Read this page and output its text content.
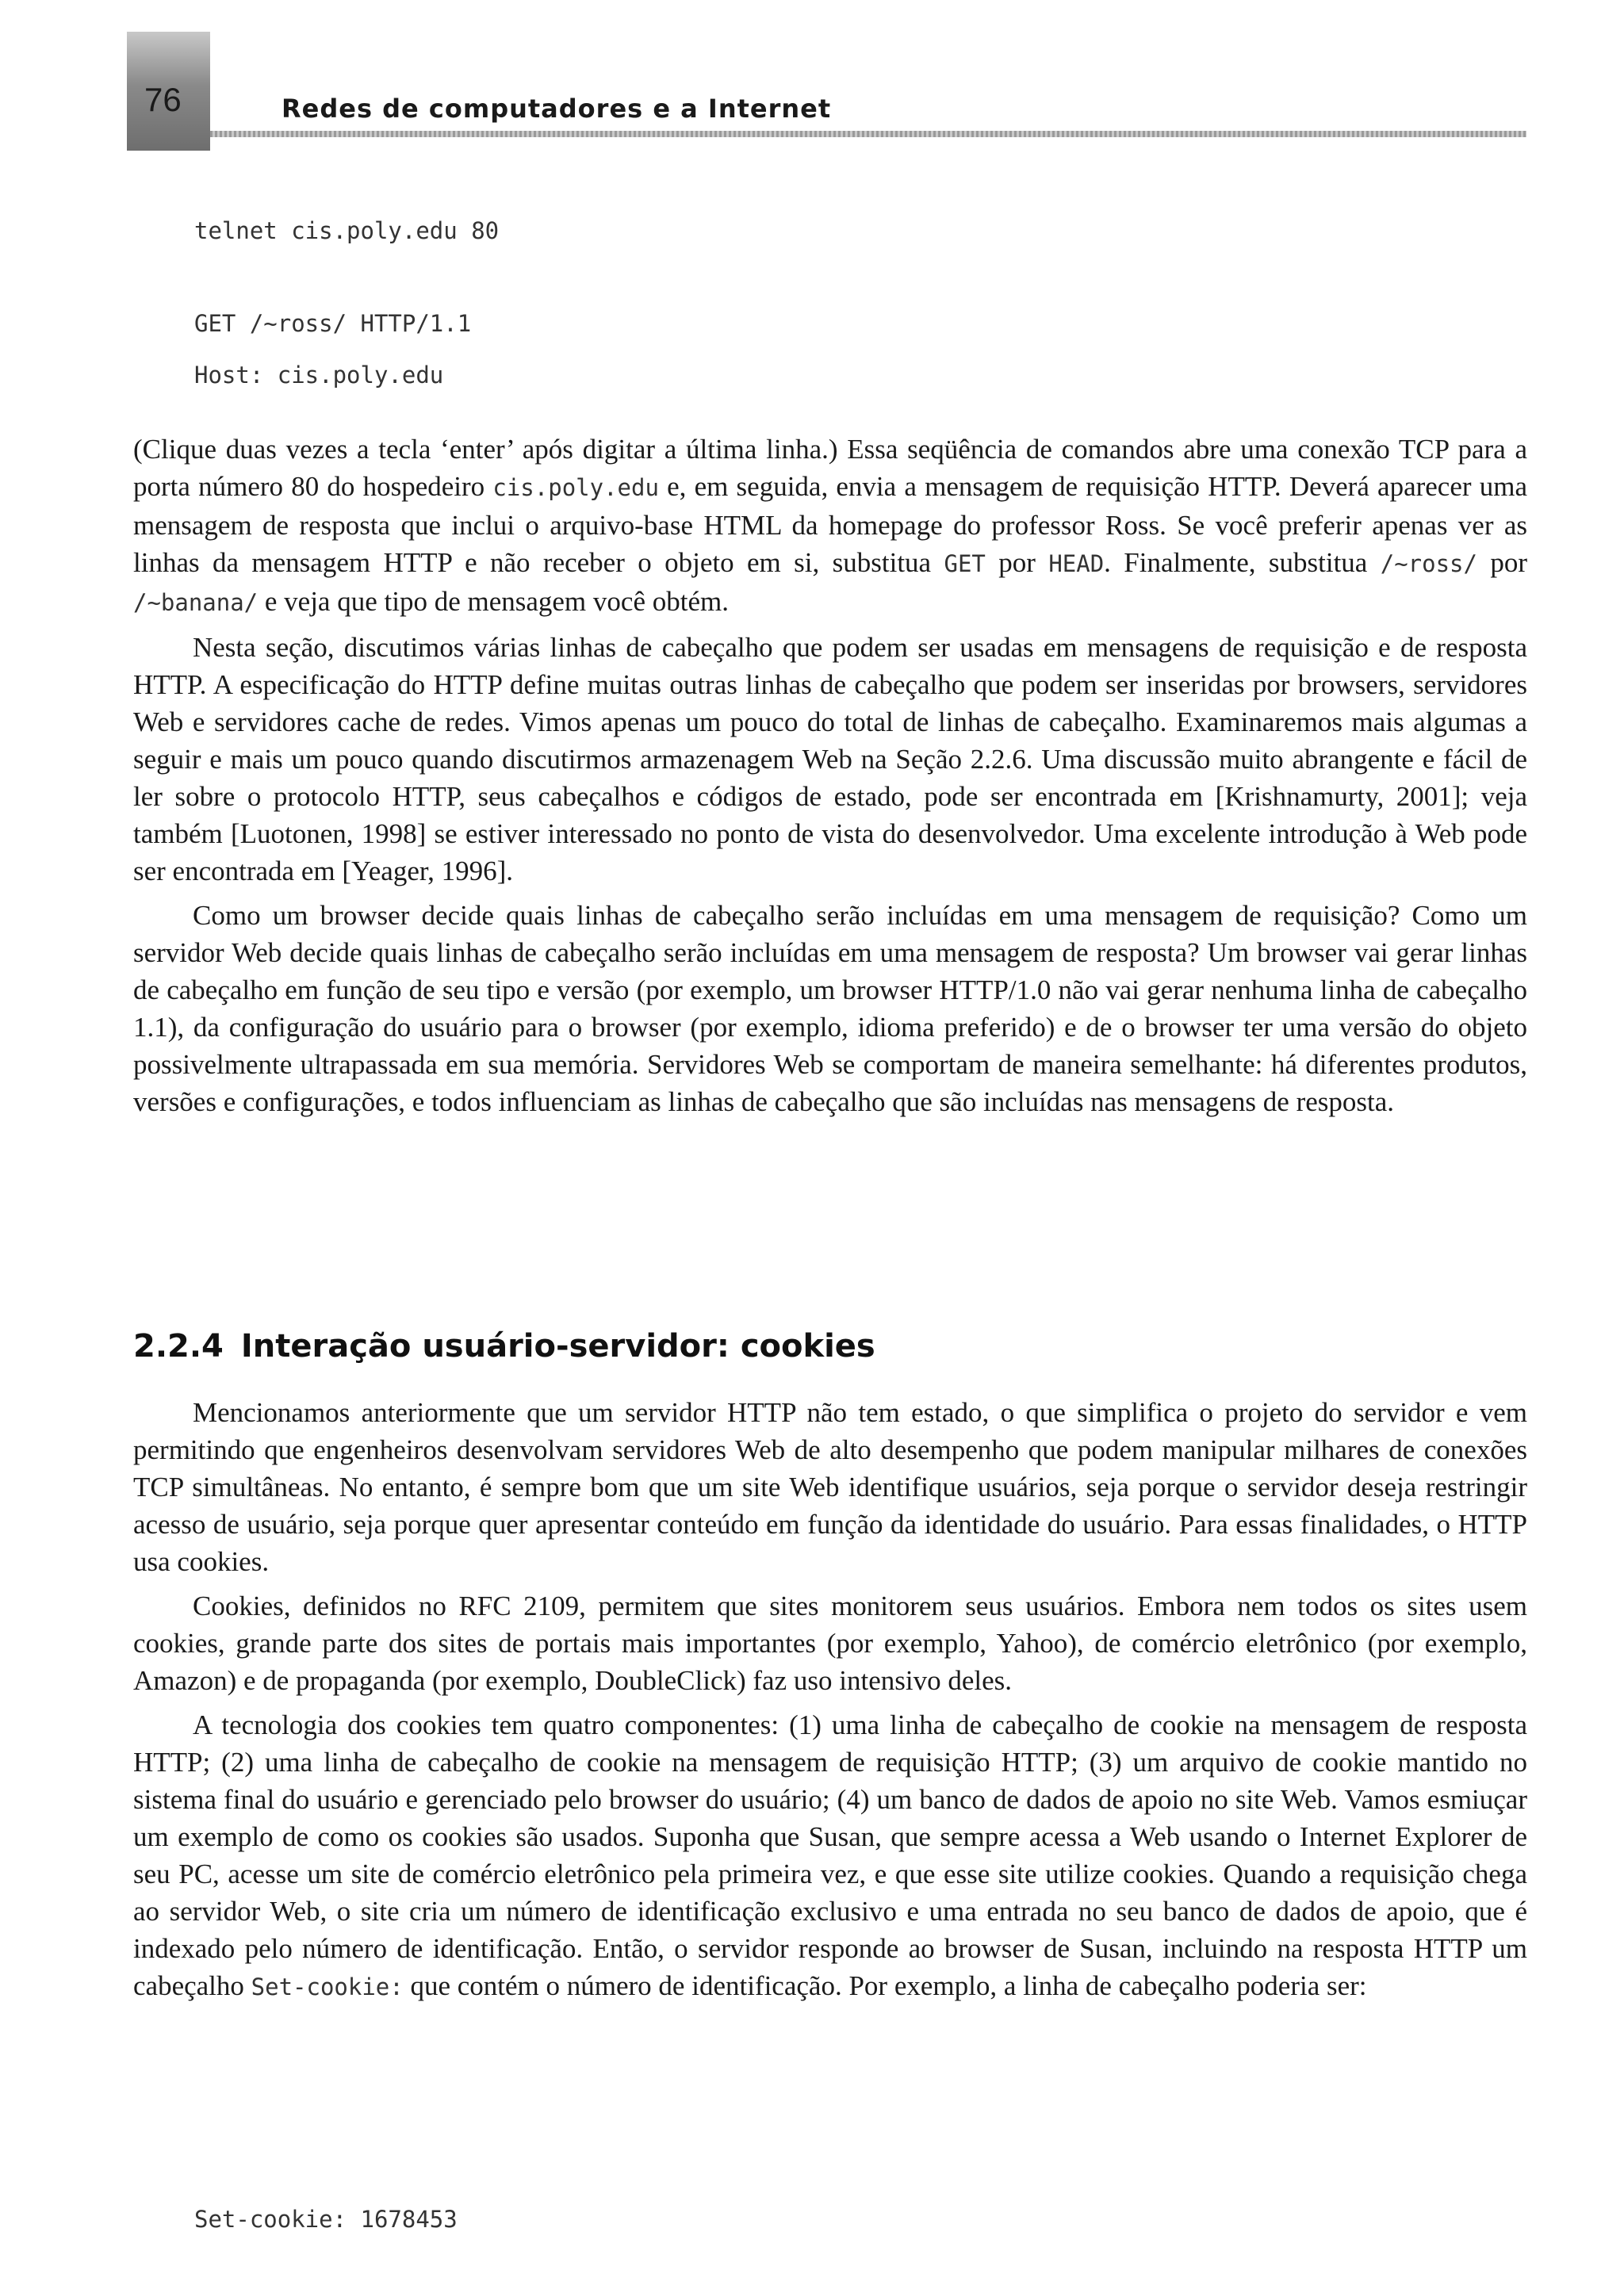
76	Redes de computadores e a Internet
telnet cis.poly.edu 80
GET /~ross/ HTTP/1.1
Host: cis.poly.edu

(Clique duas vezes a tecla ‘enter’ após digitar a última linha.) Essa seqüência de comandos abre uma conexão TCP para a porta número 80 do hospedeiro cis.poly.edu e, em seguida, envia a mensagem de requisição HTTP. Deverá aparecer uma mensagem de resposta que inclui o arquivo-base HTML da homepage do professor Ross. Se você preferir apenas ver as linhas da mensagem HTTP e não receber o objeto em si, substitua GET por HEAD. Finalmente, substitua /~ross/ por /~banana/ e veja que tipo de mensagem você obtém.

Nesta seção, discutimos várias linhas de cabeçalho que podem ser usadas em mensagens de requisição e de resposta HTTP. A especificação do HTTP define muitas outras linhas de cabeçalho que podem ser inseridas por browsers, servidores Web e servidores cache de redes. Vimos apenas um pouco do total de linhas de cabeçalho. Examinaremos mais algumas a seguir e mais um pouco quando discutirmos armazenagem Web na Seção 2.2.6. Uma discussão muito abrangente e fácil de ler sobre o protocolo HTTP, seus cabeçalhos e códigos de estado, pode ser encontrada em [Krishnamurty, 2001]; veja também [Luotonen, 1998] se estiver interessado no ponto de vista do desenvolvedor. Uma excelente introdução à Web pode ser encontrada em [Yeager, 1996].

Como um browser decide quais linhas de cabeçalho serão incluídas em uma mensagem de requisição? Como um servidor Web decide quais linhas de cabeçalho serão incluídas em uma mensagem de resposta? Um browser vai gerar linhas de cabeçalho em função de seu tipo e versão (por exemplo, um browser HTTP/1.0 não vai gerar nenhuma linha de cabeçalho 1.1), da configuração do usuário para o browser (por exemplo, idioma preferido) e de o browser ter uma versão do objeto possivelmente ultrapassada em sua memória. Servidores Web se comportam de maneira semelhante: há diferentes produtos, versões e configurações, e todos influenciam as linhas de cabeçalho que são incluídas nas mensagens de resposta.

2.2.4 Interação usuário-servidor: cookies

Mencionamos anteriormente que um servidor HTTP não tem estado, o que simplifica o projeto do servidor e vem permitindo que engenheiros desenvolvam servidores Web de alto desempenho que podem manipular milhares de conexões TCP simultâneas. No entanto, é sempre bom que um site Web identifique usuários, seja porque o servidor deseja restringir acesso de usuário, seja porque quer apresentar conteúdo em função da identidade do usuário. Para essas finalidades, o HTTP usa cookies.

Cookies, definidos no RFC 2109, permitem que sites monitorem seus usuários. Embora nem todos os sites usem cookies, grande parte dos sites de portais mais importantes (por exemplo, Yahoo), de comércio eletrônico (por exemplo, Amazon) e de propaganda (por exemplo, DoubleClick) faz uso intensivo deles.

A tecnologia dos cookies tem quatro componentes: (1) uma linha de cabeçalho de cookie na mensagem de resposta HTTP; (2) uma linha de cabeçalho de cookie na mensagem de requisição HTTP; (3) um arquivo de cookie mantido no sistema final do usuário e gerenciado pelo browser do usuário; (4) um banco de dados de apoio no site Web. Vamos esmiuçar um exemplo de como os cookies são usados. Suponha que Susan, que sempre acessa a Web usando o Internet Explorer de seu PC, acesse um site de comércio eletrônico pela primeira vez, e que esse site utilize cookies. Quando a requisição chega ao servidor Web, o site cria um número de identificação exclusivo e uma entrada no seu banco de dados de apoio, que é indexado pelo número de identificação. Então, o servidor responde ao browser de Susan, incluindo na resposta HTTP um cabeçalho Set-cookie: que contém o número de identificação. Por exemplo, a linha de cabeçalho poderia ser:

Set-cookie: 1678453
